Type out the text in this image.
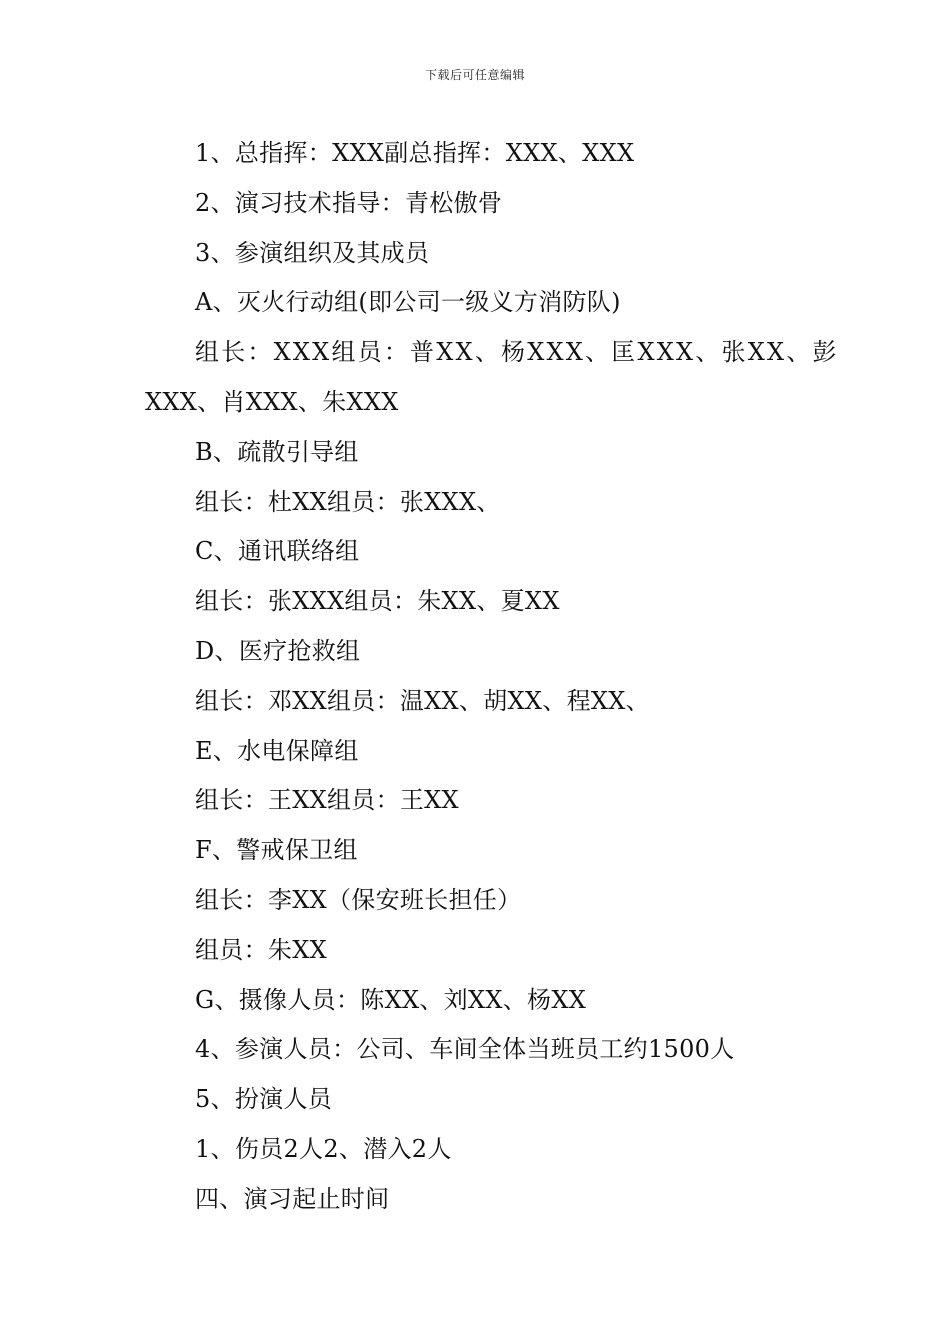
下载后可任意编辑
1、总指挥：XXX副总指挥：XXX、XXX
2、演习技术指导：青松傲骨
3、参演组织及其成员
A、灭火行动组(即公司一级义方消防队)
组长：XXX组员：普XX、杨XXX、匡XXX、张XX、彭
XXX、肖XXX、朱XXX
B、疏散引导组
组长：杜XX组员：张XXX、
C、通讯联络组
组长：张XXX组员：朱XX、夏XX
D、医疗抢救组
组长：邓XX组员：温XX、胡XX、程XX、
E、水电保障组
组长：王XX组员：王XX
F、警戒保卫组
组长：李XX（保安班长担任）
组员：朱XX
G、摄像人员：陈XX、刘XX、杨XX
4、参演人员：公司、车间全体当班员工约1500人
5、扮演人员
1、伤员2人2、潜入2人
四、演习起止时间
